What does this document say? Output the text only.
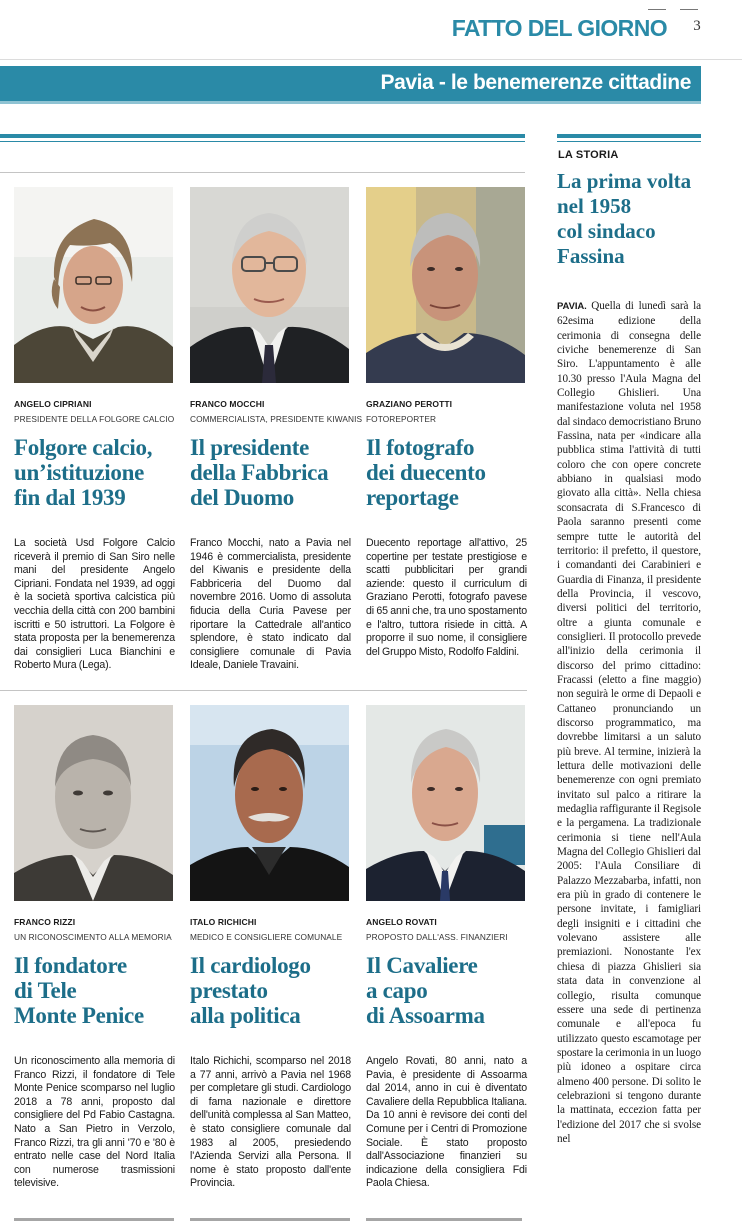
FATTO DEL GIORNO 3
Pavia - le benemerenze cittadine
ANGELO CIPRIANI
PRESIDENTE DELLA FOLGORE CALCIO
Folgore calcio,
un’istituzione
fin dal 1939

La società Usd Folgore Calcio riceverà il premio di San Siro nelle mani del presidente Angelo Cipriani. Fondata nel 1939, ad oggi è la società sportiva calcistica più vecchia della città con 200 bambini iscritti e 50 istruttori. La Folgore è stata proposta per la benemerenza dai consiglieri Luca Bianchini e Roberto Mura (Lega).

FRANCO MOCCHI
COMMERCIALISTA, PRESIDENTE KIWANIS
Il presidente
della Fabbrica
del Duomo

Franco Mocchi, nato a Pavia nel 1946 è commercialista, presidente del Kiwanis e presidente della Fabbriceria del Duomo dal novembre 2016. Uomo di assoluta fiducia della Curia Pavese per riportare la Cattedrale all'antico splendore, è stato indicato dal consigliere comunale di Pavia Ideale, Daniele Travaini.

GRAZIANO PEROTTI
FOTOREPORTER
Il fotografo
dei duecento
reportage

Duecento reportage all'attivo, 25 copertine per testate prestigiose e scatti pubblicitari per grandi aziende: questo il curriculum di Graziano Perotti, fotografo pavese di 65 anni che, tra uno spostamento e l'altro, tuttora risiede in città. A proporre il suo nome, il consigliere del Gruppo Misto, Rodolfo Faldini.

FRANCO RIZZI
UN RICONOSCIMENTO ALLA MEMORIA
Il fondatore
di Tele
Monte Penice

Un riconoscimento alla memoria di Franco Rizzi, il fondatore di Tele Monte Penice scomparso nel luglio 2018 a 78 anni, proposto dal consigliere del Pd Fabio Castagna. Nato a San Pietro in Verzolo, Franco Rizzi, tra gli anni '70 e '80 è entrato nelle case del Nord Italia con numerose trasmissioni televisive.

ITALO RICHICHI
MEDICO E CONSIGLIERE COMUNALE
Il cardiologo
prestato
alla politica

Italo Richichi, scomparso nel 2018 a 77 anni, arrivò a Pavia nel 1968 per completare gli studi. Cardiologo di fama nazionale e direttore dell'unità complessa al San Matteo, è stato consigliere comunale dal 1983 al 2005, presiedendo l'Azienda Servizi alla Persona. Il nome è stato proposto dall'ente Provincia.

ANGELO ROVATI
PROPOSTO DALL'ASS. FINANZIERI
Il Cavaliere
a capo
di Assoarma

Angelo Rovati, 80 anni, nato a Pavia, è presidente di Assoarma dal 2014, anno in cui è diventato Cavaliere della Repubblica Italiana. Da 10 anni è revisore dei conti del Comune per i Centri di Promozione Sociale. È stato proposto dall'Associazione finanzieri su indicazione della consigliera Fdi Paola Chiesa.

LA STORIA
La prima volta
nel 1958
col sindaco
Fassina
PAVIA. Quella di lunedì sarà la 62esima edizione della cerimonia di consegna delle civiche benemerenze di San Siro. L'appuntamento è alle 10.30 presso l'Aula Magna del Collegio Ghislieri. Una manifestazione voluta nel 1958 dal sindaco democristiano Bruno Fassina, nata per «indicare alla pubblica stima l'attività di tutti coloro che con opere concrete abbiano in qualsiasi modo giovato alla città». Nella chiesa sconsacrata di S.Francesco di Paola saranno presenti come sempre tutte le autorità del territorio: il prefetto, il questore, i comandanti dei Carabinieri e Guardia di Finanza, il presidente della Provincia, il vescovo, diversi politici del territorio, oltre a giunta comunale e consiglieri. Il protocollo prevede all'inizio della cerimonia il discorso del primo cittadino: Fracassi (eletto a fine maggio) non seguirà le orme di Depaoli e Cattaneo pronunciando un discorso programmatico, ma dovrebbe limitarsi a un saluto più breve. Al termine, inizierà la lettura delle motivazioni delle benemerenze con ogni premiato invitato sul palco a ritirare la medaglia raffigurante il Regisole e la pergamena. La tradizionale cerimonia si tiene nell'Aula Magna del Collegio Ghislieri dal 2005: l'Aula Consiliare di Palazzo Mezzabarba, infatti, non era più in grado di contenere le persone invitate, i famigliari degli insigniti e i cittadini che volevano assistere alle premiazioni. Nonostante l'ex chiesa di piazza Ghislieri sia stata data in convenzione al collegio, risulta comunque essere una sede di pertinenza comunale e all'epoca fu utilizzato questo escamotage per spostare la cerimonia in un luogo più idoneo a ospitare circa almeno 400 persone. Di solito le celebrazioni si tengono durante la mattinata, eccezion fatta per l'edizione del 2017 che si svolse nel
